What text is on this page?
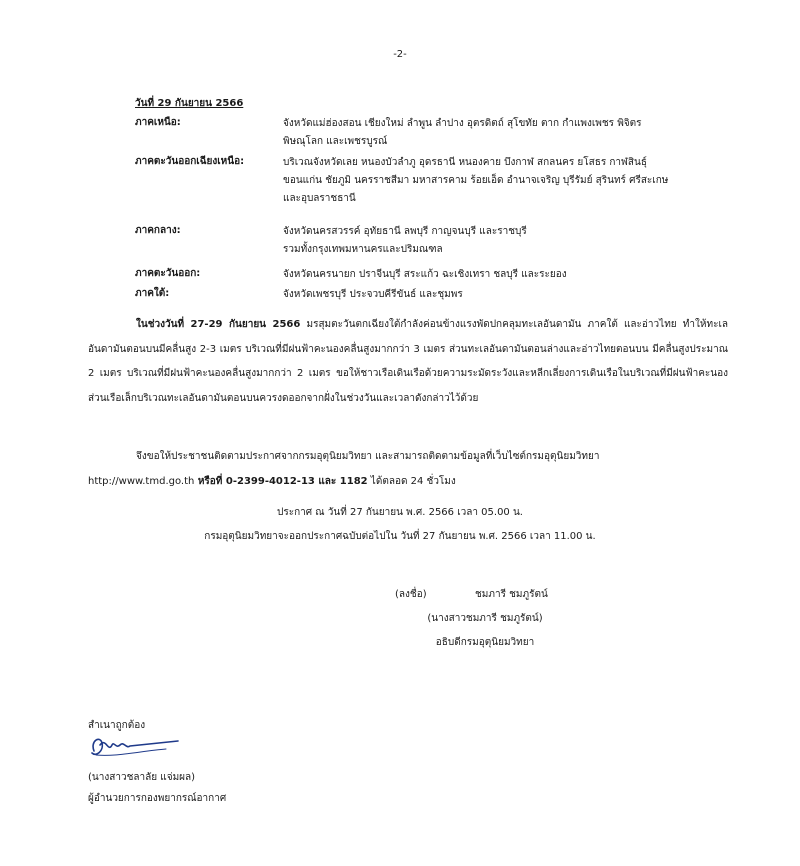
-2-
วันที่ 29 กันยายน 2566
ภาคเหนือ:	จังหวัดแม่ฮ่องสอน เชียงใหม่ ลำพูน ลำปาง อุตรดิตถ์ สุโขทัย ตาก กำแพงเพชร พิจิตร
พิษณุโลก และเพชรบูรณ์
ภาคตะวันออกเฉียงเหนือ:	บริเวณจังหวัดเลย หนองบัวลำภู อุดรธานี หนองคาย บึงกาฬ สกลนคร ยโสธร กาฬสินธุ์
ขอนแก่น ชัยภูมิ นครราชสีมา มหาสารคาม ร้อยเอ็ด อำนาจเจริญ บุรีรัมย์ สุรินทร์ ศรีสะเกษ
และอุบลราชธานี
ภาคกลาง:	จังหวัดนครสวรรค์ อุทัยธานี ลพบุรี กาญจนบุรี และราชบุรี
รวมทั้งกรุงเทพมหานครและปริมณฑล
ภาคตะวันออก:	จังหวัดนครนายก ปราจีนบุรี สระแก้ว ฉะเชิงเทรา ชลบุรี และระยอง
ภาคใต้:	จังหวัดเพชรบุรี ประจวบคีรีขันธ์ และชุมพร
ในช่วงวันที่ 27-29 กันยายน 2566 มรสุมตะวันตกเฉียงใต้กำลังค่อนข้างแรงพัดปกคลุมทะเลอันดามัน ภาคใต้ และอ่าวไทย ทำให้ทะเลอันดามันตอนบนมีคลื่นสูง 2-3 เมตร บริเวณที่มีฝนฟ้าคะนองคลื่นสูงมากกว่า 3 เมตร ส่วนทะเลอันดามันตอนล่างและอ่าวไทยตอนบน มีคลื่นสูงประมาณ 2 เมตร บริเวณที่มีฝนฟ้าคะนองคลื่นสูงมากกว่า 2 เมตร ขอให้ชาวเรือเดินเรือด้วยความระมัดระวังและหลีกเลี่ยงการเดินเรือในบริเวณที่มีฝนฟ้าคะนอง ส่วนเรือเล็กบริเวณทะเลอันดามันตอนบนควรงดออกจากฝั่งในช่วงวันและเวลาดังกล่าวไว้ด้วย
จึงขอให้ประชาชนติดตามประกาศจากกรมอุตุนิยมวิทยา และสามารถติดตามข้อมูลที่เว็บไซต์กรมอุตุนิยมวิทยา
http://www.tmd.go.th หรือที่ 0-2399-4012-13 และ 1182 ได้ตลอด 24 ชั่วโมง
ประกาศ ณ วันที่ 27 กันยายน พ.ศ. 2566 เวลา 05.00 น.
กรมอุตุนิยมวิทยาจะออกประกาศฉบับต่อไปใน วันที่ 27 กันยายน พ.ศ. 2566 เวลา 11.00 น.
(ลงชื่อ)	ชมภารี ชมภูรัตน์
(นางสาวชมภารี ชมภูรัตน์)
อธิบดีกรมอุตุนิยมวิทยา
สำเนาถูกต้อง
(นางสาวชลาลัย แจ่มผล)
ผู้อำนวยการกองพยากรณ์อากาศ
